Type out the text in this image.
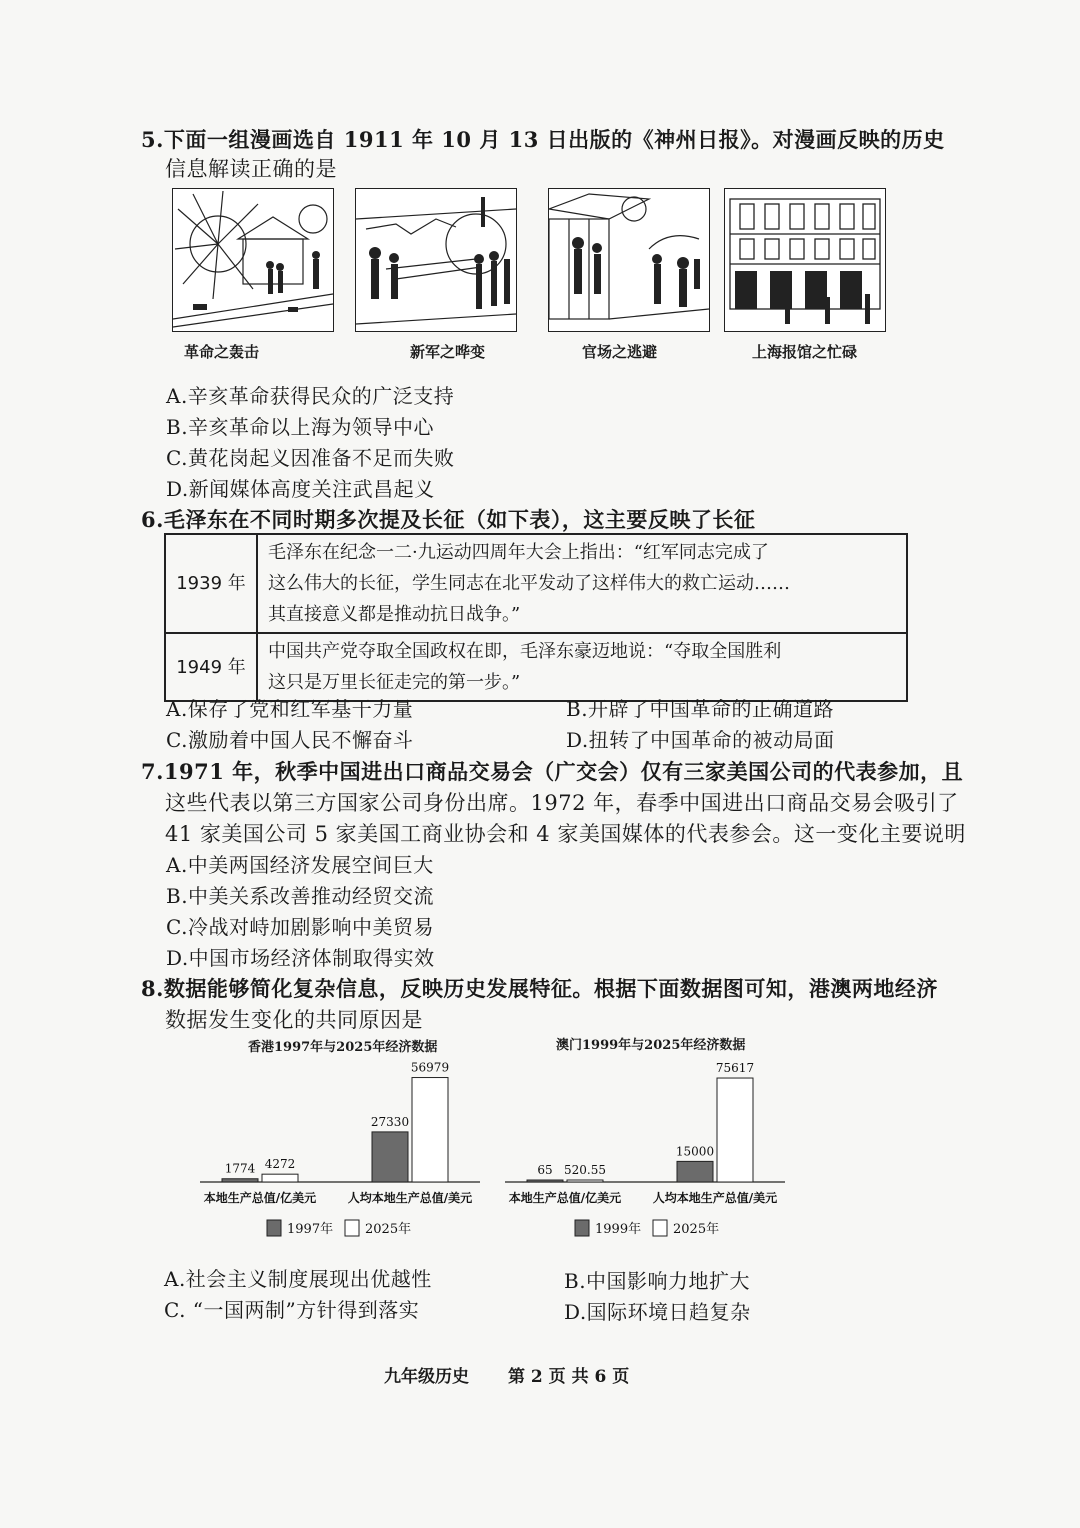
5.下面一组漫画选自 1911 年 10 月 13 日出版的《神州日报》。对漫画反映的历史
信息解读正确的是
革命之轰击	新军之哗变	官场之逃避	上海报馆之忙碌
A.辛亥革命获得民众的广泛支持
B.辛亥革命以上海为领导中心
C.黄花岗起义因准备不足而失败
D.新闻媒体高度关注武昌起义
6.毛泽东在不同时期多次提及长征（如下表），这主要反映了长征
1939 年	毛泽东在纪念一二·九运动四周年大会上指出：“红军同志完成了
这么伟大的长征，学生同志在北平发动了这样伟大的救亡运动……
其直接意义都是推动抗日战争。”

1949 年	中国共产党夺取全国政权在即，毛泽东豪迈地说：“夺取全国胜利
这只是万里长征走完的第一步。”
A.保存了党和红军基干力量	B.开辟了中国革命的正确道路
C.激励着中国人民不懈奋斗	D.扭转了中国革命的被动局面
7.1971 年，秋季中国进出口商品交易会（广交会）仅有三家美国公司的代表参加，且
这些代表以第三方国家公司身份出席。1972 年，春季中国进出口商品交易会吸引了
41 家美国公司 5 家美国工商业协会和 4 家美国媒体的代表参会。这一变化主要说明
A.中美两国经济发展空间巨大
B.中美关系改善推动经贸交流
C.冷战对峙加剧影响中美贸易
D.中国市场经济体制取得实效
8.数据能够简化复杂信息，反映历史发展特征。根据下面数据图可知，港澳两地经济
数据发生变化的共同原因是
香港1997年与2025年经济数据	澳门1999年与2025年经济数据
1774 4272
本地生产总值/亿美元
27330
56979
人均本地生产总值/美元
1997年 2025年
65 520.55
本地生产总值/亿美元
15000
75617
人均本地生产总值/美元
1999年 2025年
A.社会主义制度展现出优越性	B.中国影响力地扩大
C. “一国两制”方针得到落实	D.国际环境日趋复杂
九年级历史 第 2 页 共 6 页
